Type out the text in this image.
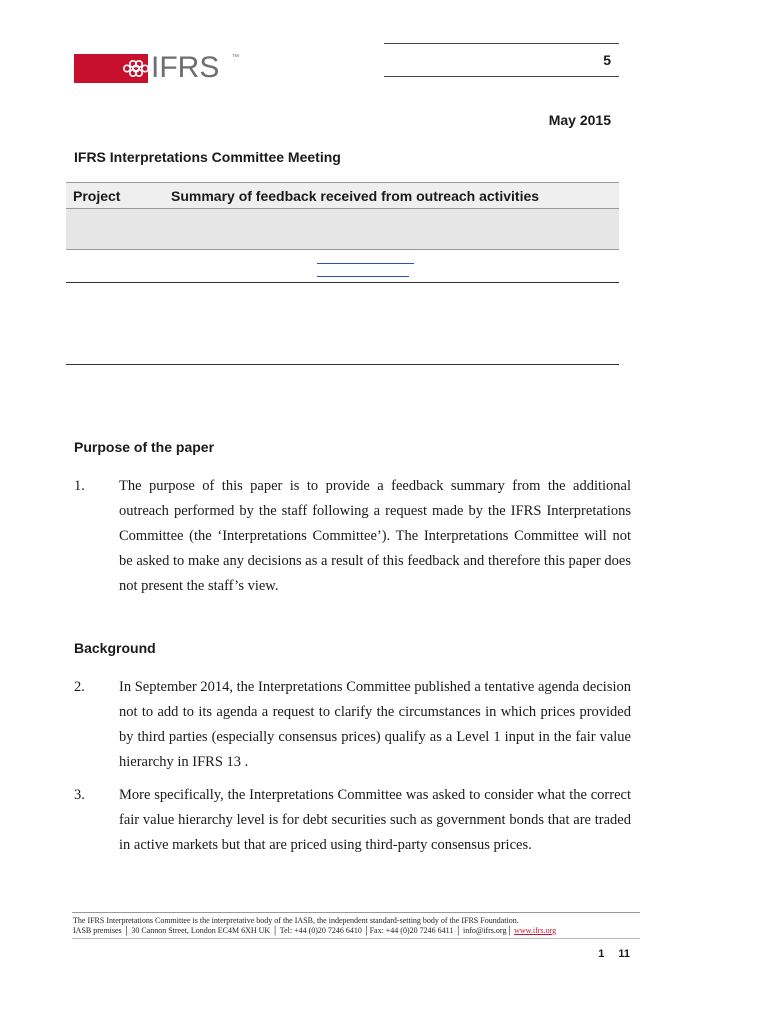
IFRS ™	5
May 2015
IFRS Interpretations Committee Meeting
Project	Summary of feedback received from outreach activities
Purpose of the paper
1.	The purpose of this paper is to provide a feedback summary from the additional outreach performed by the staff following a request made by the IFRS Interpretations Committee (the ‘Interpretations Committee’). The Interpretations Committee will not be asked to make any decisions as a result of this feedback and therefore this paper does not present the staff’s view.
Background
2.	In September 2014, the Interpretations Committee published a tentative agenda decision not to add to its agenda a request to clarify the circumstances in which prices provided by third parties (especially consensus prices) qualify as a Level 1 input in the fair value hierarchy in IFRS 13 .
3.	More specifically, the Interpretations Committee was asked to consider what the correct fair value hierarchy level is for debt securities such as government bonds that are traded in active markets but that are priced using third-party consensus prices.
The IFRS Interpretations Committee is the interpretative body of the IASB, the independent standard-setting body of the IFRS Foundation.
IASB premises │ 30 Cannon Street, London EC4M 6XH UK │ Tel: +44 (0)20 7246 6410 │Fax: +44 (0)20 7246 6411 │ info@ifrs.org│ www.ifrs.org
1 11
